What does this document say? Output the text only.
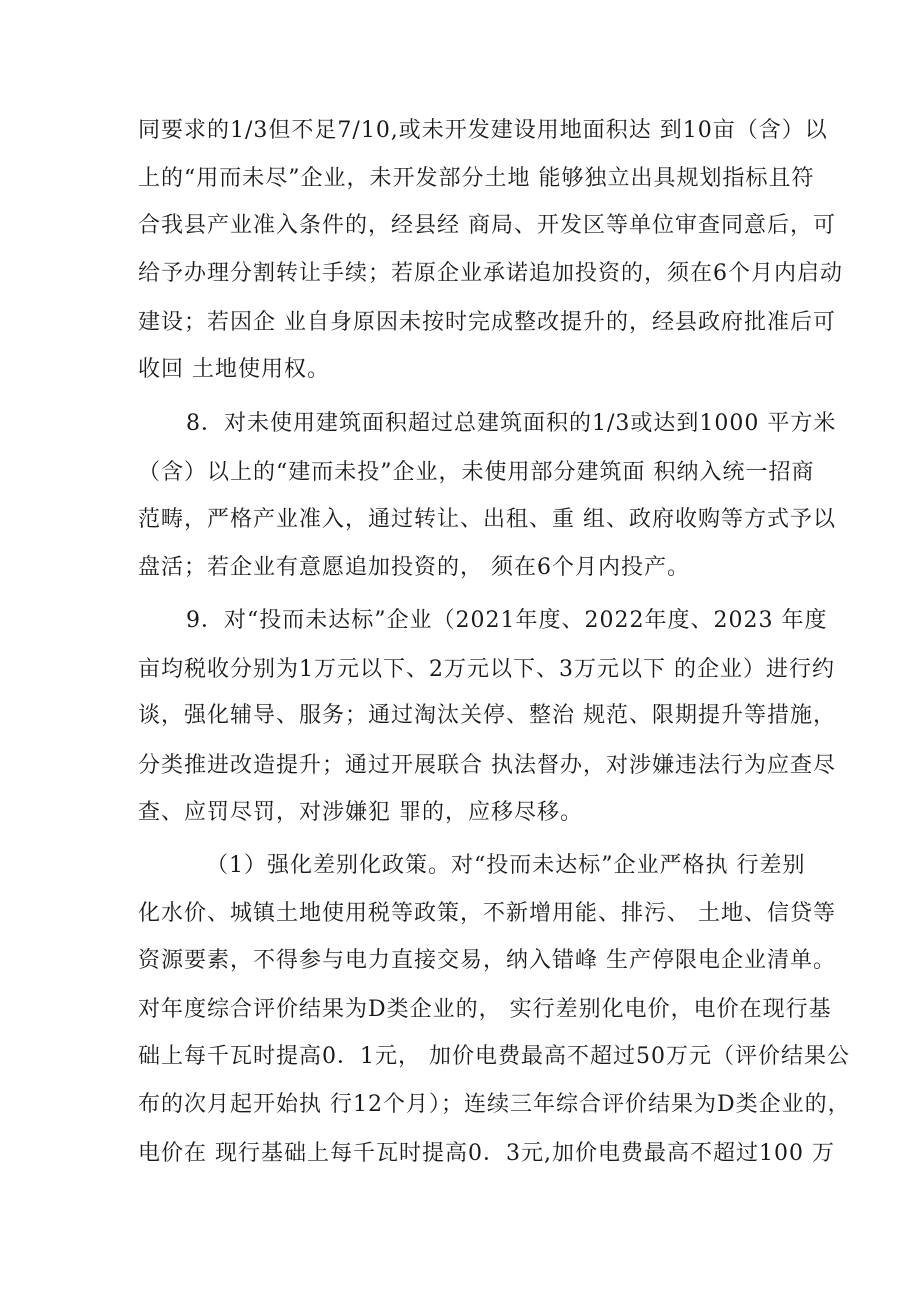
同要求的1/3但不足7/10,或未开发建设用地面积达 到10亩（含）以
上的“用而未尽”企业，未开发部分土地 能够独立出具规划指标且符
合我县产业准入条件的，经县经 商局、开发区等单位审查同意后，可
给予办理分割转让手续；若原企业承诺追加投资的，须在6个月内启动
建设；若因企 业自身原因未按时完成整改提升的，经县政府批准后可
收回 土地使用权。
8．对未使用建筑面积超过总建筑面积的1/3或达到1000 平方米
（含）以上的“建而未投”企业，未使用部分建筑面 积纳入统一招商
范畴，严格产业准入，通过转让、出租、重 组、政府收购等方式予以
盘活；若企业有意愿追加投资的， 须在6个月内投产。
9．对“投而未达标”企业（2021年度、2022年度、2023 年度
亩均税收分别为1万元以下、2万元以下、3万元以下 的企业）进行约
谈，强化辅导、服务；通过淘汰关停、整治 规范、限期提升等措施，
分类推进改造提升；通过开展联合 执法督办，对涉嫌违法行为应查尽
查、应罚尽罚，对涉嫌犯 罪的，应移尽移。
（1）强化差别化政策。对“投而未达标”企业严格执 行差别
化水价、城镇土地使用税等政策，不新增用能、排污、 土地、信贷等
资源要素，不得参与电力直接交易，纳入错峰 生产停限电企业清单。
对年度综合评价结果为D类企业的， 实行差别化电价，电价在现行基
础上每千瓦时提高0．1元， 加价电费最高不超过50万元（评价结果公
布的次月起开始执 行12个月）；连续三年综合评价结果为D类企业的，
电价在 现行基础上每千瓦时提高0．3元,加价电费最高不超过100 万
